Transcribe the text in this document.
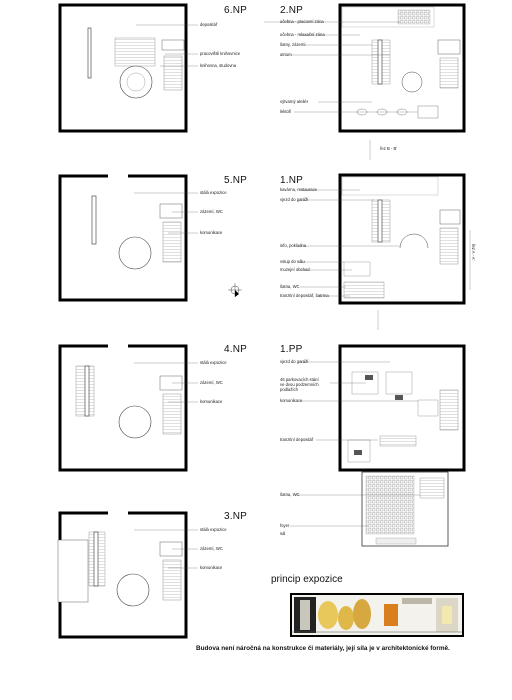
6.NP
5.NP
4.NP
3.NP
2.NP
1.NP
1.PP
depositář
pracoviště knihovnice
knihovna, studovna
stálá expozice
zázemí, WC
komunikace
stálá expozice
zázemí, WC
komunikace
stálá expozice
zázemí, WC
komunikace
učebna - pracovní zóna
učebna - relaxační zóna
šatny, zázemí
atrium
výtvarný ateliér
lektoři
řez B - B'
řez A - A'
kavárna, restaurace
vjezd do garáží
info, pokladna
vstup do sálu
muzejní obchod
šatna, WC
tranzitní depositář, batrma
vjezd do garáží
46 parkovacích stání ve dvou podzemních podlažích
komunikace
tranzitní depositář
šatna, WC
foyer
sál
princip expozice
Budova není náročná na konstrukce či materiály, její síla je v architektonické formě.
